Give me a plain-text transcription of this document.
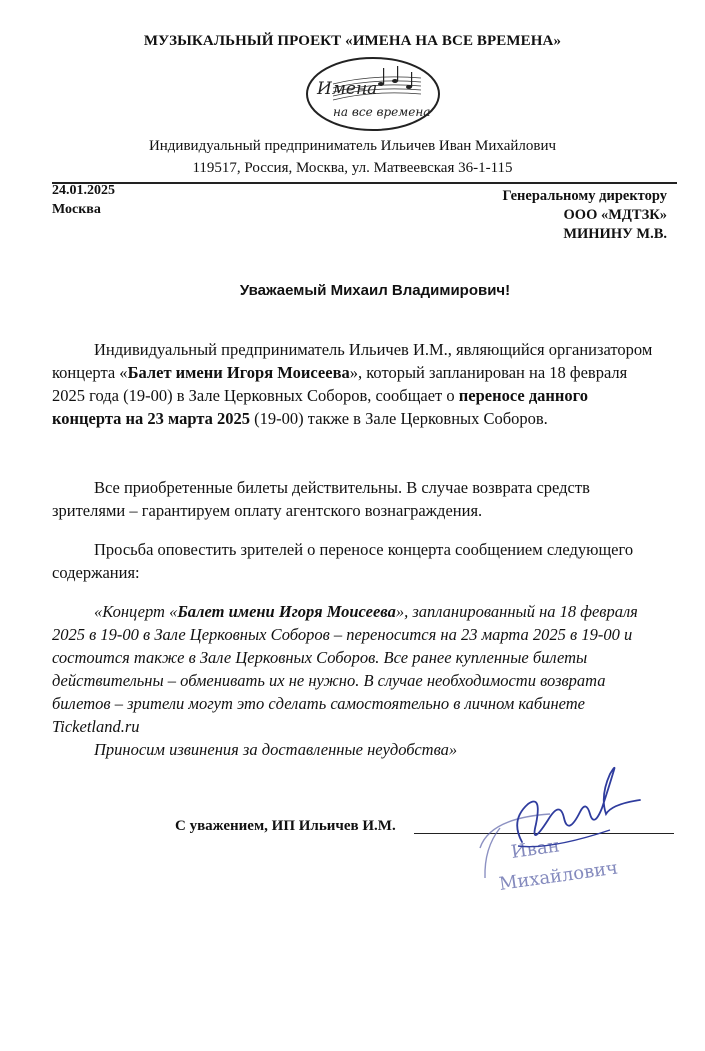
МУЗЫКАЛЬНЫЙ ПРОЕКТ «ИМЕНА НА ВСЕ ВРЕМЕНА»
Имена
на все времена
Индивидуальный предприниматель Ильичев Иван Михайлович
119517, Россия, Москва, ул. Матвеевская 36-1-115
24.01.2025
Москва
Генеральному директору
ООО «МДТЗК»
МИНИНУ М.В.
Уважаемый Михаил Владимирович!
Индивидуальный предприниматель Ильичев И.М., являющийся организатором концерта «Балет имени Игоря Моисеева», который запланирован на 18 февраля 2025 года (19-00) в Зале Церковных Соборов, сообщает о переносе данного концерта на 23 марта 2025 (19-00) также в Зале Церковных Соборов.
Все приобретенные билеты действительны. В случае возврата средств зрителями – гарантируем оплату агентского вознаграждения.
Просьба оповестить зрителей о переносе концерта сообщением следующего содержания:
«Концерт «Балет имени Игоря Моисеева», запланированный на 18 февраля 2025 в 19-00 в Зале Церковных Соборов – переносится на 23 марта 2025 в 19-00 и состоится также в Зале Церковных Соборов. Все ранее купленные билеты действительны – обменивать их не нужно. В случае необходимости возврата билетов – зрители могут это сделать самостоятельно в личном кабинете Ticketland.ru
Приносим извинения за доставленные неудобства»
С уважением, ИП Ильичев И.М.
Иван
Михайлович
